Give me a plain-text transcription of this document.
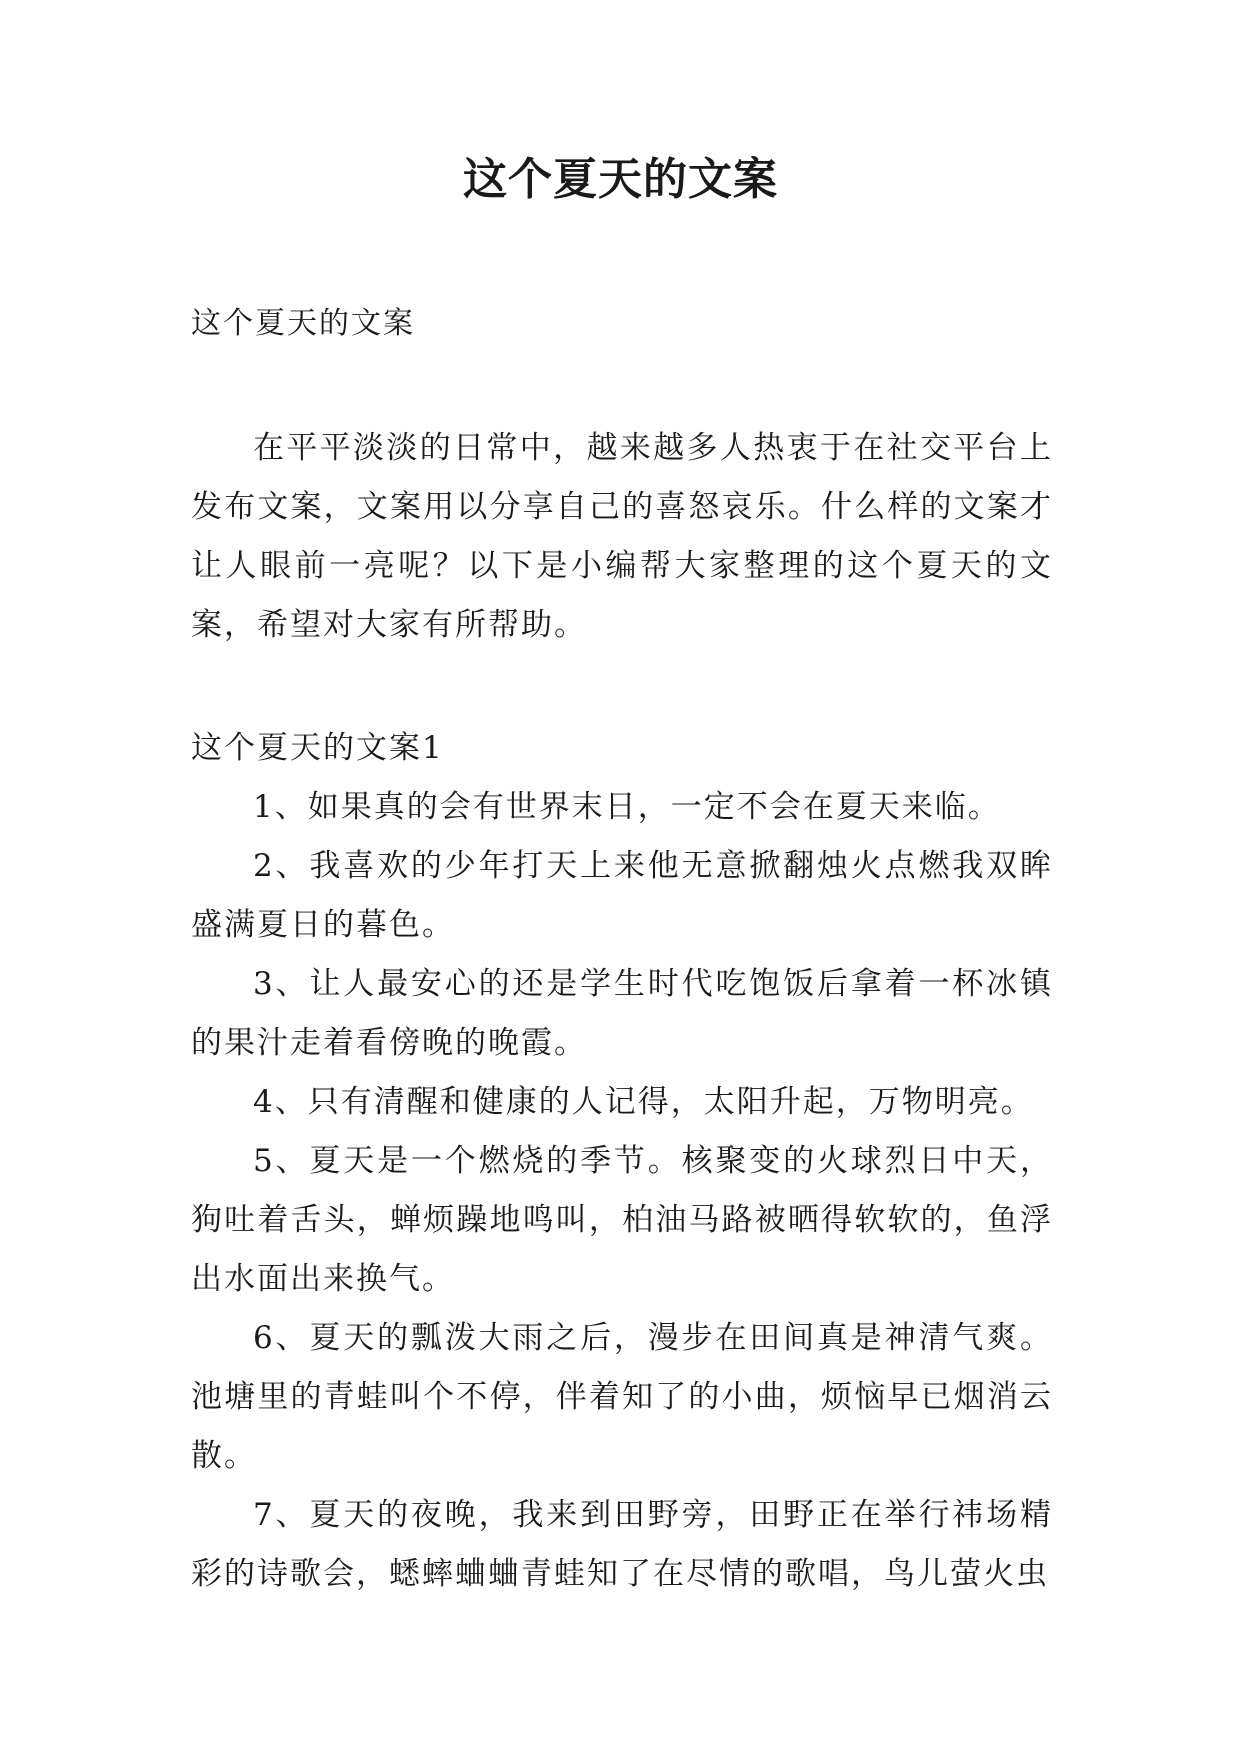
这个夏天的文案

这个夏天的文案

在平平淡淡的日常中，越来越多人热衷于在社交平台上发布文案，文案用以分享自己的喜怒哀乐。什么样的文案才让人眼前一亮呢？以下是小编帮大家整理的这个夏天的文案，希望对大家有所帮助。

这个夏天的文案1

1、如果真的会有世界末日，一定不会在夏天来临。

2、我喜欢的少年打天上来他无意掀翻烛火点燃我双眸盛满夏日的暮色。

3、让人最安心的还是学生时代吃饱饭后拿着一杯冰镇的果汁走着看傍晚的晚霞。

4、只有清醒和健康的人记得，太阳升起，万物明亮。

5、夏天是一个燃烧的季节。核聚变的火球烈日中天，狗吐着舌头，蝉烦躁地鸣叫，柏油马路被晒得软软的，鱼浮出水面出来换气。

6、夏天的瓢泼大雨之后，漫步在田间真是神清气爽。池塘里的青蛙叫个不停，伴着知了的小曲，烦恼早已烟消云散。

7、夏天的夜晚，我来到田野旁，田野正在举行祎场精彩的诗歌会，蟋蟀蛐蛐青蛙知了在尽情的歌唱，鸟儿萤火虫
